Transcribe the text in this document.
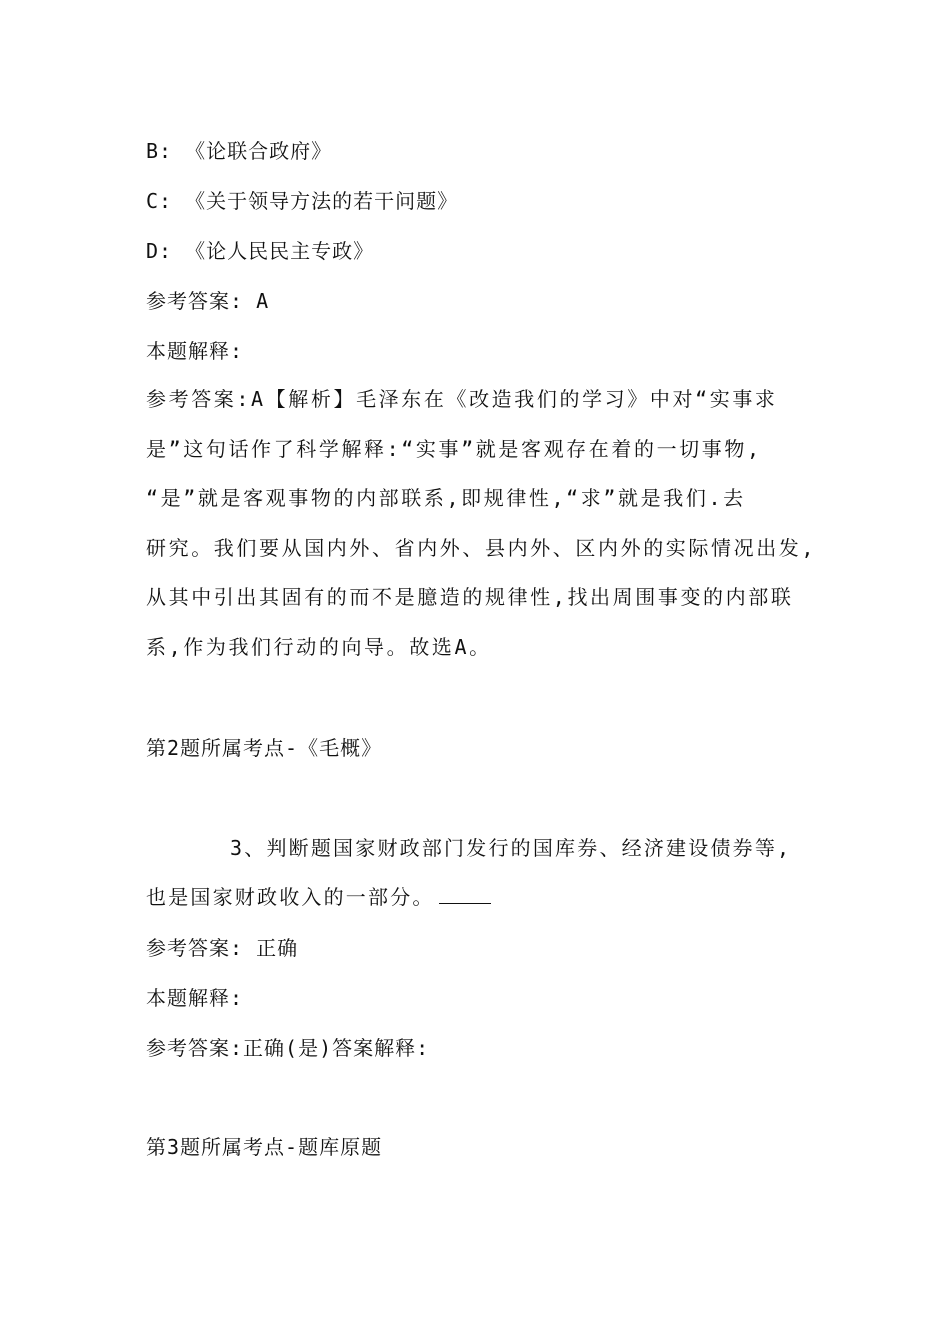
B: 《论联合政府》
C: 《关于领导方法的若干问题》
D: 《论人民民主专政》
参考答案: A
本题解释:
参考答案:A【解析】毛泽东在《改造我们的学习》中对“实事求
是”这句话作了科学解释:“实事”就是客观存在着的一切事物,
“是”就是客观事物的内部联系,即规律性,“求”就是我们.去
研究。我们要从国内外、省内外、县内外、区内外的实际情况出发,
从其中引出其固有的而不是臆造的规律性,找出周围事变的内部联
系,作为我们行动的向导。故选A。
第2题所属考点-《毛概》
3、判断题国家财政部门发行的国库券、经济建设债券等,
也是国家财政收入的一部分。
参考答案: 正确
本题解释:
参考答案:正确(是)答案解释:
第3题所属考点-题库原题
